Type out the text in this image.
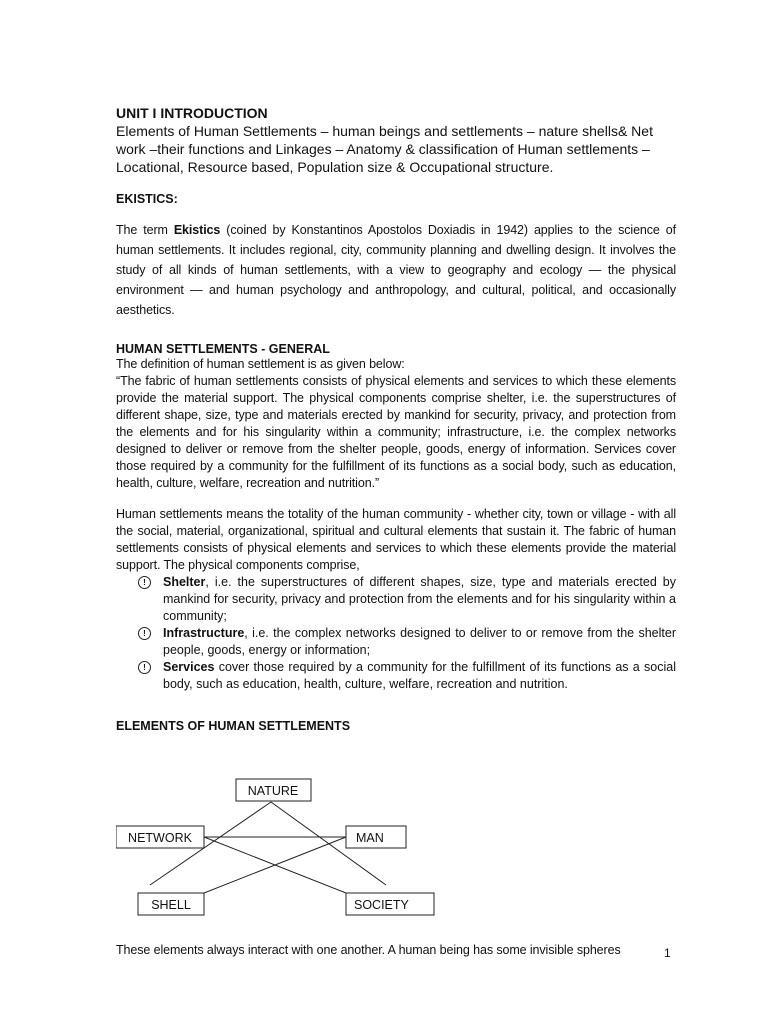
UNIT I INTRODUCTION

Elements of Human Settlements – human beings and settlements – nature shells& Net work –their functions and Linkages – Anatomy & classification of Human settlements – Locational, Resource based, Population size & Occupational structure.

EKISTICS:

The term Ekistics (coined by Konstantinos Apostolos Doxiadis in 1942) applies to the science of human settlements. It includes regional, city, community planning and dwelling design. It involves the study of all kinds of human settlements, with a view to geography and ecology — the physical environment — and human psychology and anthropology, and cultural, political, and occasionally aesthetics.

HUMAN SETTLEMENTS - GENERAL

The definition of human settlement is as given below:

“The fabric of human settlements consists of physical elements and services to which these elements provide the material support. The physical components comprise shelter, i.e. the superstructures of different shape, size, type and materials erected by mankind for security, privacy, and protection from the elements and for his singularity within a community; infrastructure, i.e. the complex networks designed to deliver or remove from the shelter people, goods, energy of information. Services cover those required by a community for the fulfillment of its functions as a social body, such as education, health, culture, welfare, recreation and nutrition.”

Human settlements means the totality of the human community - whether city, town or village - with all the social, material, organizational, spiritual and cultural elements that sustain it. The fabric of human settlements consists of physical elements and services to which these elements provide the material support. The physical components comprise,

!	Shelter, i.e. the superstructures of different shapes, size, type and materials erected by mankind for security, privacy and protection from the elements and for his singularity within a community;
!	Infrastructure, i.e. the complex networks designed to deliver to or remove from the shelter people, goods, energy or information;
!	Services cover those required by a community for the fulfillment of its functions as a social body, such as education, health, culture, welfare, recreation and nutrition.

ELEMENTS OF HUMAN SETTLEMENTS

NATURE
NETWORK	MAN
SHELL	SOCIETY

These elements always interact with one another. A human being has some invisible spheres	1
